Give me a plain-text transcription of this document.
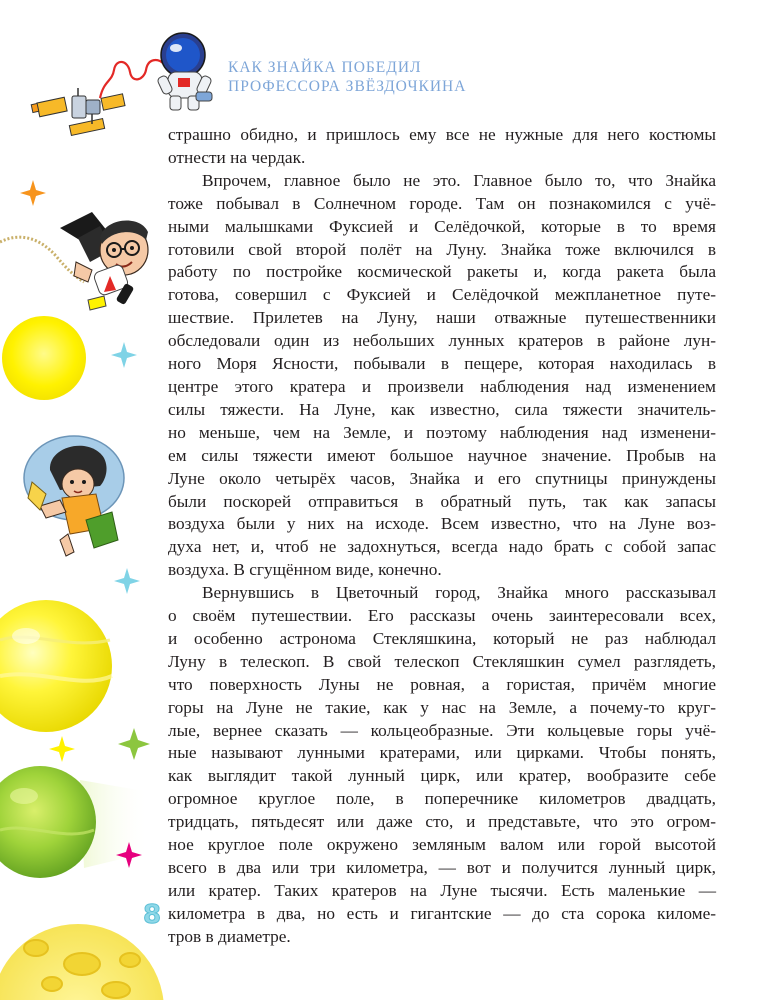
КАК ЗНАЙКА ПОБЕДИЛ
ПРОФЕССОРА ЗВЁЗДОЧКИНА
страшно обидно, и пришлось ему все не нужные для него костюмы
отнести на чердак.
Впрочем, главное было не это. Главное было то, что Знайка
тоже побывал в Солнечном городе. Там он познакомился с учё-
ными малышками Фуксией и Селёдочкой, которые в то время
готовили свой второй полёт на Луну. Знайка тоже включился в
работу по постройке космической ракеты и, когда ракета была
готова, совершил с Фуксией и Селёдочкой межпланетное путе-
шествие. Прилетев на Луну, наши отважные путешественники
обследовали один из небольших лунных кратеров в районе лун-
ного Моря Ясности, побывали в пещере, которая находилась в
центре этого кратера и произвели наблюдения над изменением
силы тяжести. На Луне, как известно, сила тяжести значитель-
но меньше, чем на Земле, и поэтому наблюдения над изменени-
ем силы тяжести имеют большое научное значение. Пробыв на
Луне около четырёх часов, Знайка и его спутницы принуждены
были поскорей отправиться в обратный путь, так как запасы
воздуха были у них на исходе. Всем известно, что на Луне воз-
духа нет, и, чтоб не задохнуться, всегда надо брать с собой запас
воздуха. В сгущённом виде, конечно.
Вернувшись в Цветочный город, Знайка много рассказывал
о своём путешествии. Его рассказы очень заинтересовали всех,
и особенно астронома Стекляшкина, который не раз наблюдал
Луну в телескоп. В свой телескоп Стекляшкин сумел разглядеть,
что поверхность Луны не ровная, а гористая, причём многие
горы на Луне не такие, как у нас на Земле, а почему-то круг-
лые, вернее сказать — кольцеобразные. Эти кольцевые горы учё-
ные называют лунными кратерами, или цирками. Чтобы понять,
как выглядит такой лунный цирк, или кратер, вообразите себе
огромное круглое поле, в поперечнике километров двадцать,
тридцать, пятьдесят или даже сто, и представьте, что это огром-
ное круглое поле окружено земляным валом или горой высотой
всего в два или три километра, — вот и получится лунный цирк,
или кратер. Таких кратеров на Луне тысячи. Есть маленькие —
километра в два, но есть и гигантские — до ста сорока киломе-
тров в диаметре.
8
